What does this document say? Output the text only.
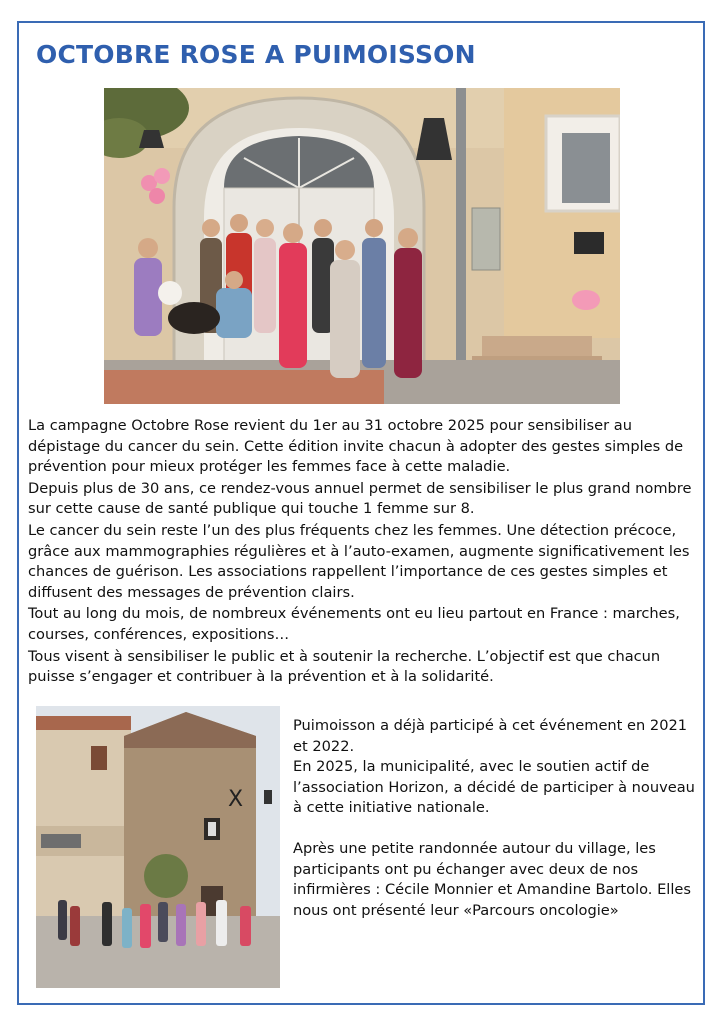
OCTOBRE ROSE A PUIMOISSON

La campagne Octobre Rose revient du 1er au 31 octobre 2025 pour sensibiliser au dépistage du cancer du sein. Cette édition invite chacun à adopter des gestes simples de prévention pour mieux protéger les femmes face à cette maladie.

Depuis plus de 30 ans, ce rendez-vous annuel permet de sensibiliser le plus grand nombre sur cette cause de santé publique qui touche 1 femme sur 8.

Le cancer du sein reste l’un des plus fréquents chez les femmes. Une détection précoce, grâce aux mammographies régulières et à l’auto-examen, augmente significativement les chances de guérison. Les associations rappellent l’importance de ces gestes simples et diffusent des messages de prévention clairs.

Tout au long du mois, de nombreux événements ont eu lieu partout en France : marches, courses, conférences, expositions…

Tous visent à sensibiliser le public et à soutenir la recherche. L’objectif est que chacun puisse s’engager et contribuer à la prévention et à la solidarité.

X

Puimoisson a déjà participé à cet événement en 2021 et 2022.

En 2025, la municipalité, avec le soutien actif de l’association Horizon, a décidé de participer à nouveau à cette initiative nationale.

Après une petite randonnée autour du village, les participants ont pu échanger avec deux de nos infirmières : Cécile Monnier et Amandine Bartolo. Elles nous ont présenté leur «Parcours oncologie»
